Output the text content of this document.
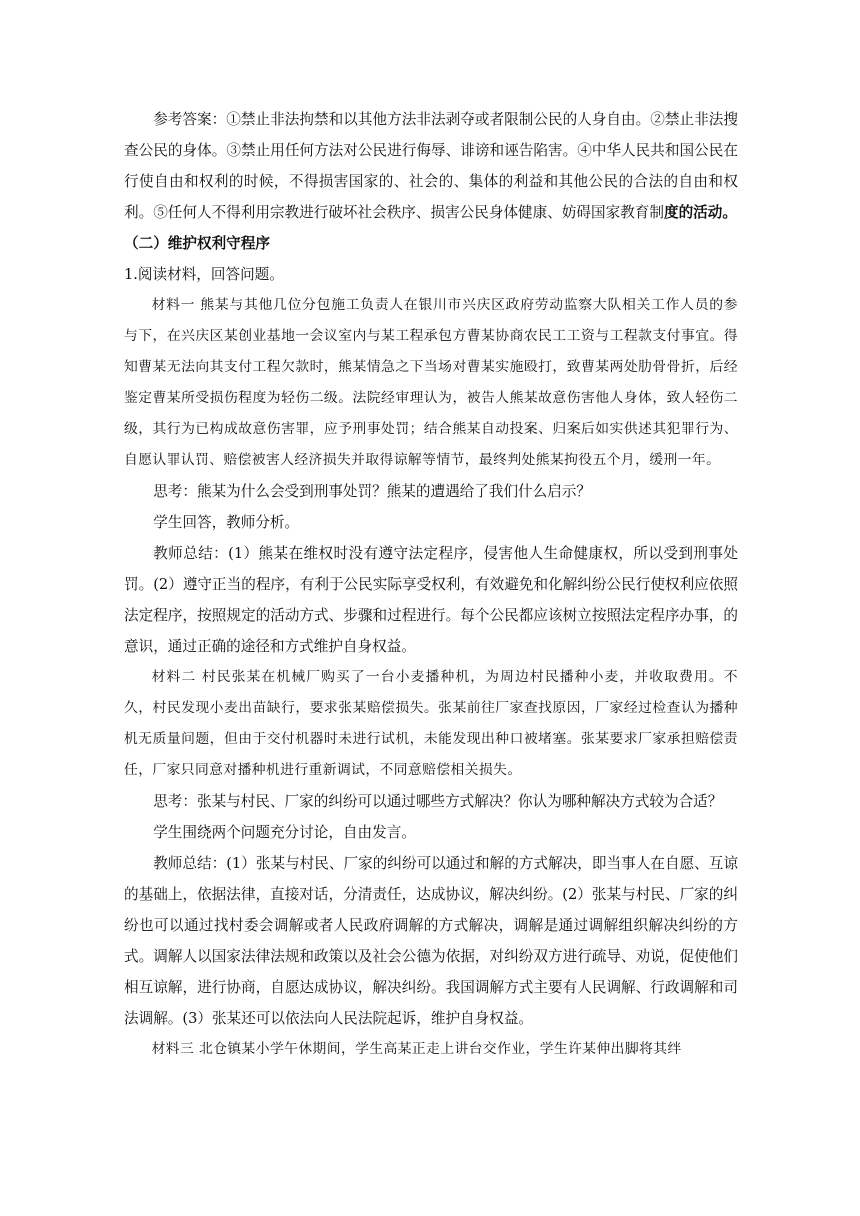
参考答案：①禁止非法拘禁和以其他方法非法剥夺或者限制公民的人身自由。②禁止非法搜查公民的身体。③禁止用任何方法对公民进行侮辱、诽谤和诬告陷害。④中华人民共和国公民在行使自由和权利的时候，不得损害国家的、社会的、集体的利益和其他公民的合法的自由和权利。⑤任何人不得利用宗教进行破坏社会秩序、损害公民身体健康、妨碍国家教育制度的活动。

（二）维护权利守程序

1.阅读材料，回答问题。

材料一 熊某与其他几位分包施工负责人在银川市兴庆区政府劳动监察大队相关工作人员的参与下，在兴庆区某创业基地一会议室内与某工程承包方曹某协商农民工工资与工程款支付事宜。得知曹某无法向其支付工程欠款时，熊某情急之下当场对曹某实施殴打，致曹某两处肋骨骨折，后经鉴定曹某所受损伤程度为轻伤二级。法院经审理认为，被告人熊某故意伤害他人身体，致人轻伤二级，其行为已构成故意伤害罪，应予刑事处罚；结合熊某自动投案、归案后如实供述其犯罪行为、自愿认罪认罚、赔偿被害人经济损失并取得谅解等情节，最终判处熊某拘役五个月，缓刑一年。

思考：熊某为什么会受到刑事处罚？熊某的遭遇给了我们什么启示？

学生回答，教师分析。

教师总结：(1）熊某在维权时没有遵守法定程序，侵害他人生命健康权，所以受到刑事处罚。(2）遵守正当的程序，有利于公民实际享受权利，有效避免和化解纠纷公民行使权利应依照法定程序，按照规定的活动方式、步骤和过程进行。每个公民都应该树立按照法定程序办事，的意识，通过正确的途径和方式维护自身权益。

材料二 村民张某在机械厂购买了一台小麦播种机，为周边村民播种小麦，并收取费用。不久，村民发现小麦出苗缺行，要求张某赔偿损失。张某前往厂家查找原因，厂家经过检查认为播种机无质量问题，但由于交付机器时未进行试机，未能发现出种口被堵塞。张某要求厂家承担赔偿责任，厂家只同意对播种机进行重新调试，不同意赔偿相关损失。

思考：张某与村民、厂家的纠纷可以通过哪些方式解决？你认为哪种解决方式较为合适？

学生围绕两个问题充分讨论，自由发言。

教师总结：(1）张某与村民、厂家的纠纷可以通过和解的方式解决，即当事人在自愿、互谅的基础上，依据法律，直接对话，分清责任，达成协议，解决纠纷。(2）张某与村民、厂家的纠纷也可以通过找村委会调解或者人民政府调解的方式解决，调解是通过调解组织解决纠纷的方式。调解人以国家法律法规和政策以及社会公德为依据，对纠纷双方进行疏导、劝说，促使他们相互谅解，进行协商，自愿达成协议，解决纠纷。我国调解方式主要有人民调解、行政调解和司法调解。(3）张某还可以依法向人民法院起诉，维护自身权益。

材料三 北仓镇某小学午休期间，学生高某正走上讲台交作业，学生许某伸出脚将其绊
